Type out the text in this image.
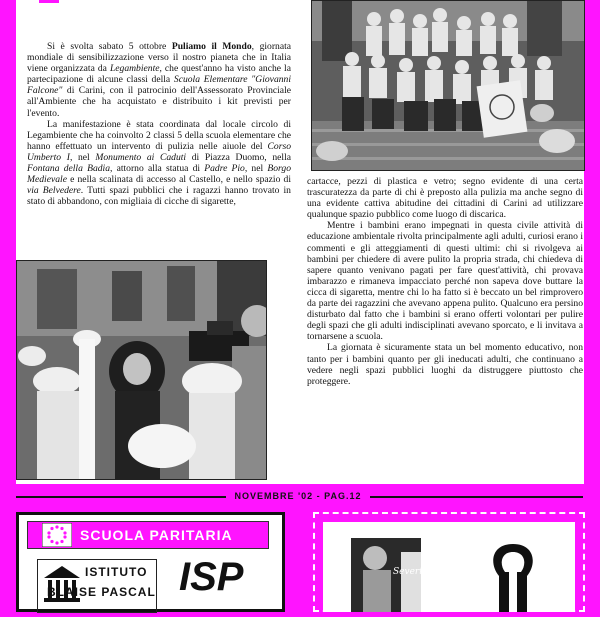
Si è svolta sabato 5 ottobre Puliamo il Mondo, giornata mondiale di sensibilizzazione verso il nostro pianeta che in Italia viene organizzata da Legambiente, che quest'anno ha visto anche la partecipazione di alcune classi della Scuola Elementare "Giovanni Falcone" di Carini, con il patrocinio dell'Assessorato Provinciale all'Ambiente che ha acquistato e distribuito i kit previsti per l'evento.

La manifestazione è stata coordinata dal locale circolo di Legambiente che ha coinvolto 2 classi 5 della scuola elementare che hanno effettuato un intervento di pulizia nelle aiuole del Corso Umberto I, nel Monumento ai Caduti di Piazza Duomo, nella Fontana della Badia, attorno alla statua di Padre Pio, nel Borgo Medievale e nella scalinata di accesso al Castello, e nello spazio di via Belvedere. Tutti spazi pubblici che i ragazzi hanno trovato in stato di abbandono, con migliaia di cicche di sigarette,

cartacce, pezzi di plastica e vetro; segno evidente di una certa trascuratezza da parte di chi è preposto alla pulizia ma anche segno di una evidente cattiva abitudine dei cittadini di Carini ad utilizzare qualunque spazio pubblico come luogo di discarica.

Mentre i bambini erano impegnati in questa civile attività di educazione ambientale rivolta principalmente agli adulti, curiosi erano i commenti e gli atteggiamenti di questi ultimi: chi si rivolgeva ai bambini per chiedere di avere pulito la propria strada, chi chiedeva di sapere quanto venivano pagati per fare quest'attività, chi provava imbarazzo e rimaneva impacciato perché non sapeva dove buttare la cicca di sigaretta, mentre chi lo ha fatto si è beccato un bel rimprovero da parte dei ragazzini che avevano appena pulito. Qualcuno era persino disturbato dal fatto che i bambini si erano offerti volontari per pulire degli spazi che gli adulti indisciplinati avevano sporcato, e li invitava a tornarsene a scuola.

La giornata è sicuramente stata un bel momento educativo, non tanto per i bambini quanto per gli ineducati adulti, che continuano a vedere negli spazi pubblici luoghi da distruggere piuttosto che proteggere.

NOVEMBRE '02 - PAG.12
SCUOLA PARITARIA
ISTITUTO
BLAISE PASCAL ISP	Severty
